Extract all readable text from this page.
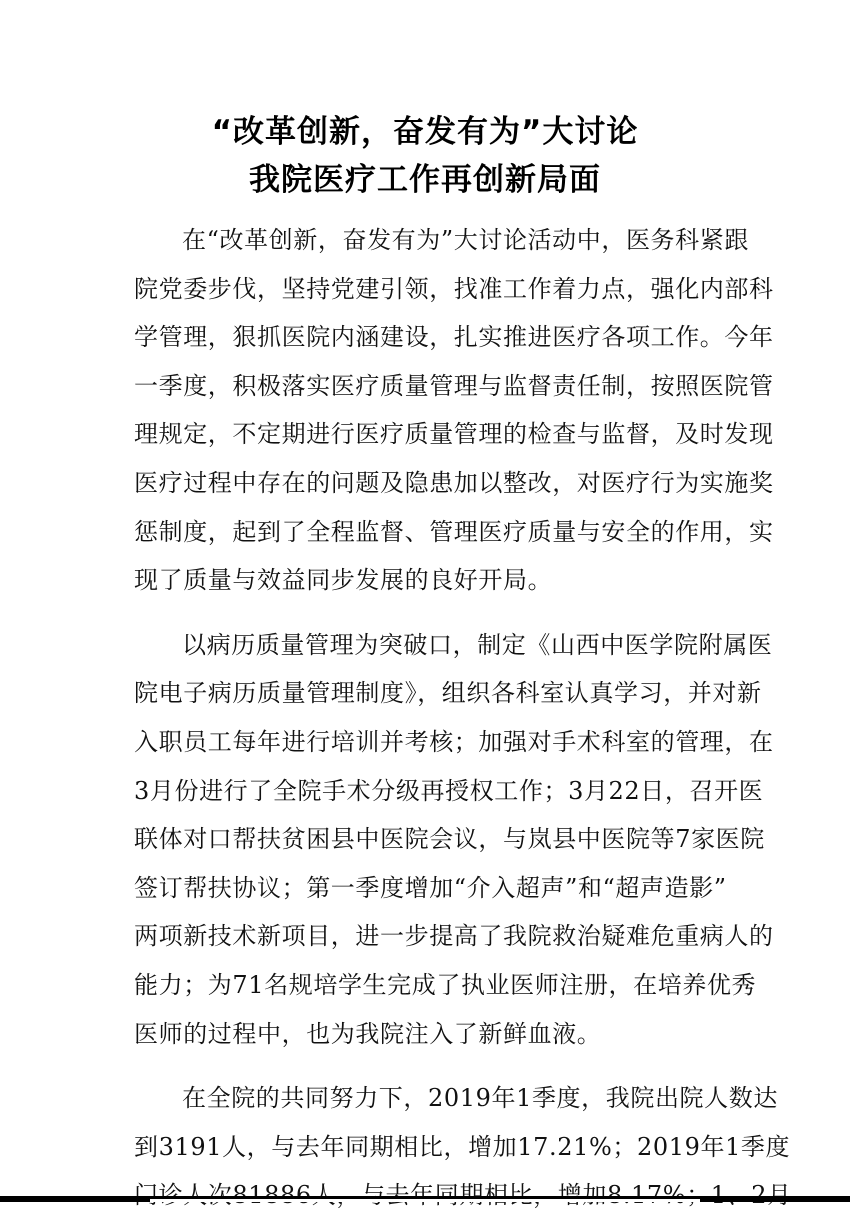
“改革创新，奋发有为”大讨论
我院医疗工作再创新局面
在“改革创新，奋发有为”大讨论活动中，医务科紧跟
院党委步伐，坚持党建引领，找准工作着力点，强化内部科
学管理，狠抓医院内涵建设，扎实推进医疗各项工作。今年
一季度，积极落实医疗质量管理与监督责任制，按照医院管
理规定，不定期进行医疗质量管理的检查与监督，及时发现
医疗过程中存在的问题及隐患加以整改，对医疗行为实施奖
惩制度，起到了全程监督、管理医疗质量与安全的作用，实
现了质量与效益同步发展的良好开局。
以病历质量管理为突破口，制定《山西中医学院附属医
院电子病历质量管理制度》，组织各科室认真学习，并对新
入职员工每年进行培训并考核；加强对手术科室的管理，在
3月份进行了全院手术分级再授权工作；3月22日，召开医
联体对口帮扶贫困县中医院会议，与岚县中医院等7家医院
签订帮扶协议；第一季度增加“介入超声”和“超声造影”
两项新技术新项目，进一步提高了我院救治疑难危重病人的
能力；为71名规培学生完成了执业医师注册，在培养优秀
医师的过程中，也为我院注入了新鲜血液。
在全院的共同努力下，2019年1季度，我院出院人数达
到3191人，与去年同期相比，增加17.21%；2019年1季度
